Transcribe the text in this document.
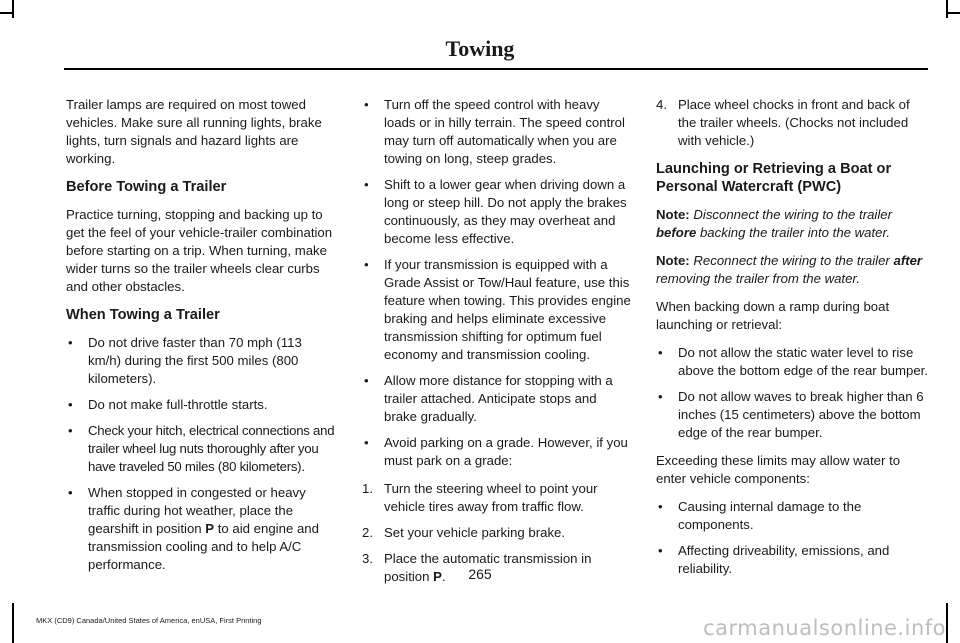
Towing

Trailer lamps are required on most towed vehicles. Make sure all running lights, brake lights, turn signals and hazard lights are working.

Before Towing a Trailer

Practice turning, stopping and backing up to get the feel of your vehicle-trailer combination before starting on a trip. When turning, make wider turns so the trailer wheels clear curbs and other obstacles.

When Towing a Trailer
• Do not drive faster than 70 mph (113 km/h) during the first 500 miles (800 kilometers).
• Do not make full-throttle starts.
• Check your hitch, electrical connections and trailer wheel lug nuts thoroughly after you have traveled 50 miles (80 kilometers).
• When stopped in congested or heavy traffic during hot weather, place the gearshift in position P to aid engine and transmission cooling and to help A/C performance.
• Turn off the speed control with heavy loads or in hilly terrain. The speed control may turn off automatically when you are towing on long, steep grades.
• Shift to a lower gear when driving down a long or steep hill. Do not apply the brakes continuously, as they may overheat and become less effective.
• If your transmission is equipped with a Grade Assist or Tow/Haul feature, use this feature when towing. This provides engine braking and helps eliminate excessive transmission shifting for optimum fuel economy and transmission cooling.
• Allow more distance for stopping with a trailer attached. Anticipate stops and brake gradually.
• Avoid parking on a grade. However, if you must park on a grade:
1. Turn the steering wheel to point your vehicle tires away from traffic flow.
2. Set your vehicle parking brake.
3. Place the automatic transmission in position P.
4. Place wheel chocks in front and back of the trailer wheels. (Chocks not included with vehicle.)
Launching or Retrieving a Boat or Personal Watercraft (PWC)

Note: Disconnect the wiring to the trailer before backing the trailer into the water.

Note: Reconnect the wiring to the trailer after removing the trailer from the water.

When backing down a ramp during boat launching or retrieval:

• Do not allow the static water level to rise above the bottom edge of the rear bumper.
• Do not allow waves to break higher than 6 inches (15 centimeters) above the bottom edge of the rear bumper.

Exceeding these limits may allow water to enter vehicle components:

• Causing internal damage to the components.
• Affecting driveability, emissions, and reliability.
265
MKX (CD9) Canada/United States of America, enUSA, First Printing	carmanualsonline.info
